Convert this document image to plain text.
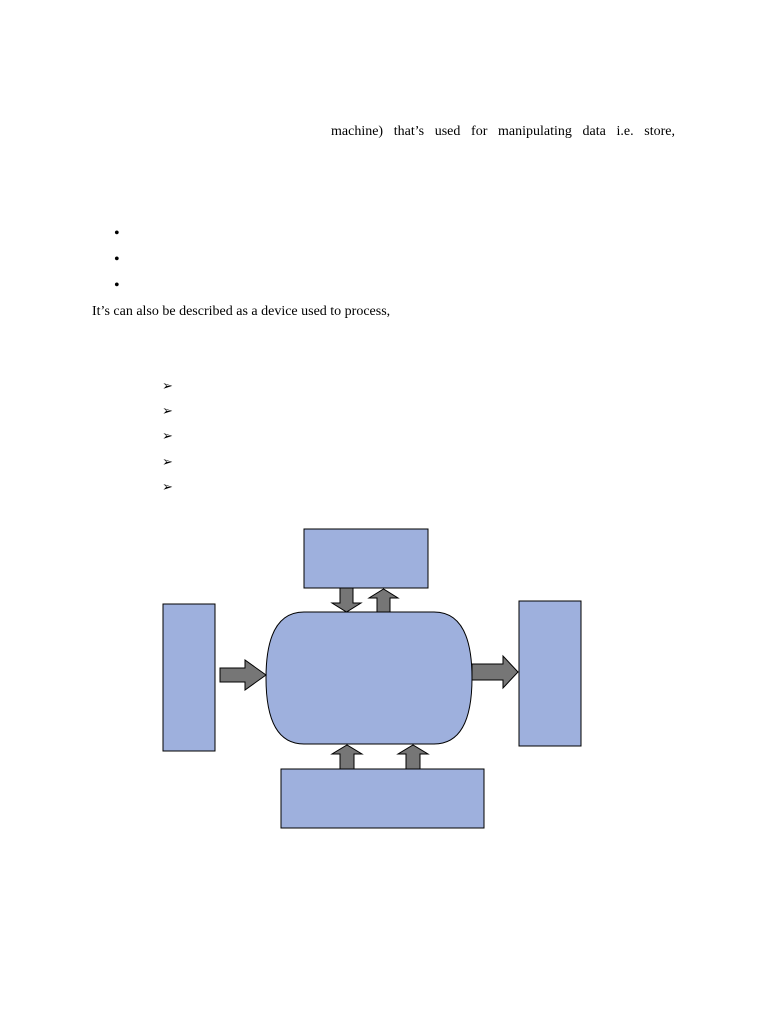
machine) that’s used for manipulating data i.e. store,
•
•
•
It’s can also be described as a device used to process,
➢
➢
➢
➢
➢
